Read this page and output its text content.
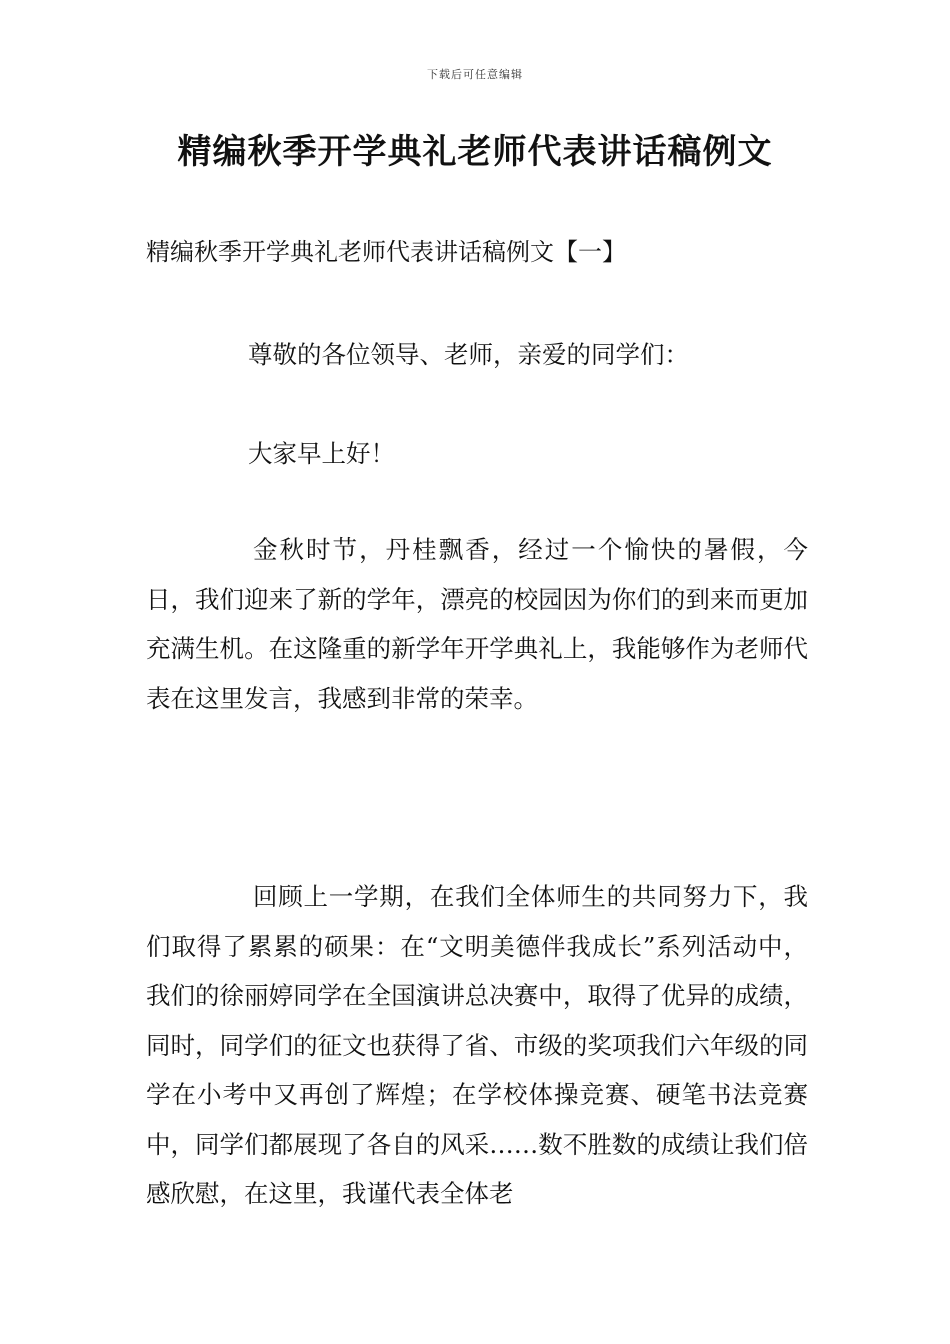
下载后可任意编辑
精编秋季开学典礼老师代表讲话稿例文

精编秋季开学典礼老师代表讲话稿例文【一】

尊敬的各位领导、老师，亲爱的同学们：

大家早上好！

金秋时节，丹桂飘香，经过一个愉快的暑假，今日，我们迎来了新的学年，漂亮的校园因为你们的到来而更加充满生机。在这隆重的新学年开学典礼上，我能够作为老师代表在这里发言，我感到非常的荣幸。

回顾上一学期，在我们全体师生的共同努力下，我们取得了累累的硕果：在“文明美德伴我成长”系列活动中，我们的徐丽婷同学在全国演讲总决赛中，取得了优异的成绩，同时，同学们的征文也获得了省、市级的奖项我们六年级的同学在小考中又再创了辉煌；在学校体操竞赛、硬笔书法竞赛中，同学们都展现了各自的风采……数不胜数的成绩让我们倍感欣慰，在这里，我谨代表全体老
